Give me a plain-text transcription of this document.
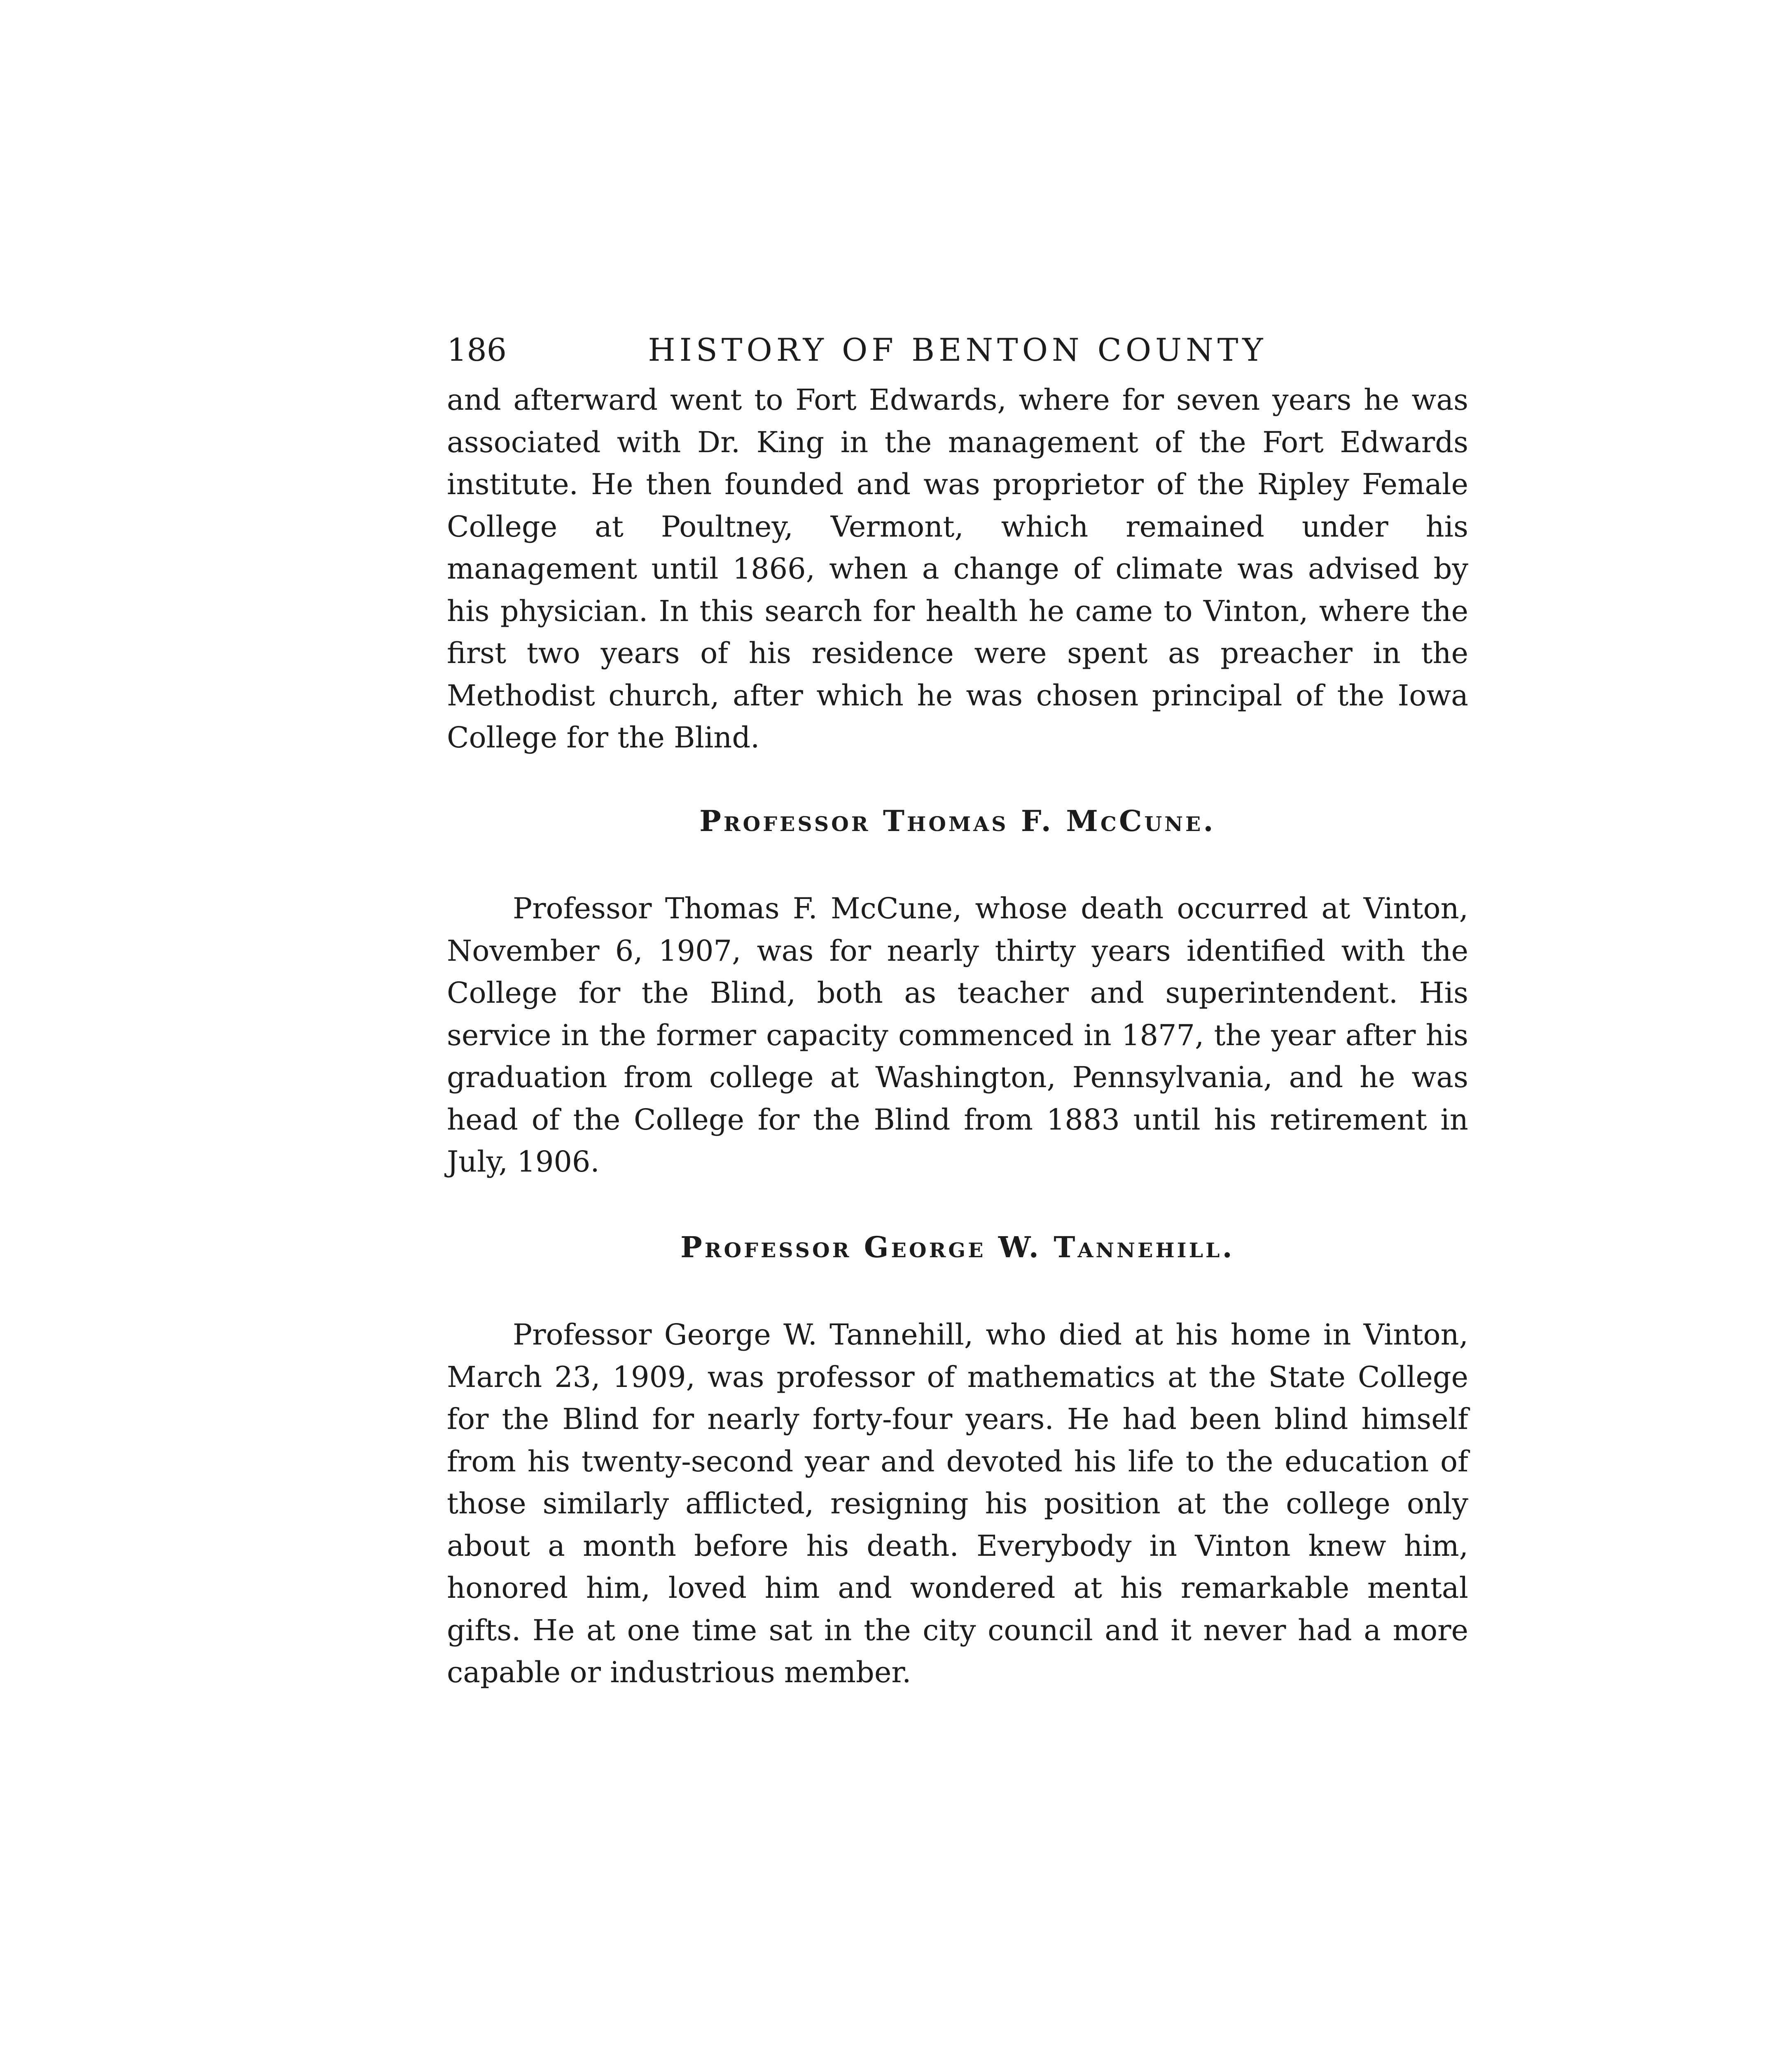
186	HISTORY OF BENTON COUNTY

and afterward went to Fort Edwards, where for seven years he was associated with Dr. King in the management of the Fort Edwards institute. He then founded and was proprietor of the Ripley Female College at Poultney, Vermont, which remained under his management until 1866, when a change of climate was advised by his physician. In this search for health he came to Vinton, where the first two years of his residence were spent as preacher in the Methodist church, after which he was chosen principal of the Iowa College for the Blind.

Professor Thomas F. McCune.

Professor Thomas F. McCune, whose death occurred at Vinton, November 6, 1907, was for nearly thirty years identified with the College for the Blind, both as teacher and superintendent. His service in the former capacity commenced in 1877, the year after his graduation from college at Washington, Pennsylvania, and he was head of the College for the Blind from 1883 until his retirement in July, 1906.

Professor George W. Tannehill.

Professor George W. Tannehill, who died at his home in Vinton, March 23, 1909, was professor of mathematics at the State College for the Blind for nearly forty-four years. He had been blind himself from his twenty-second year and devoted his life to the education of those similarly afflicted, resigning his position at the college only about a month before his death. Everybody in Vinton knew him, honored him, loved him and wondered at his remarkable mental gifts. He at one time sat in the city council and it never had a more capable or industrious member.
